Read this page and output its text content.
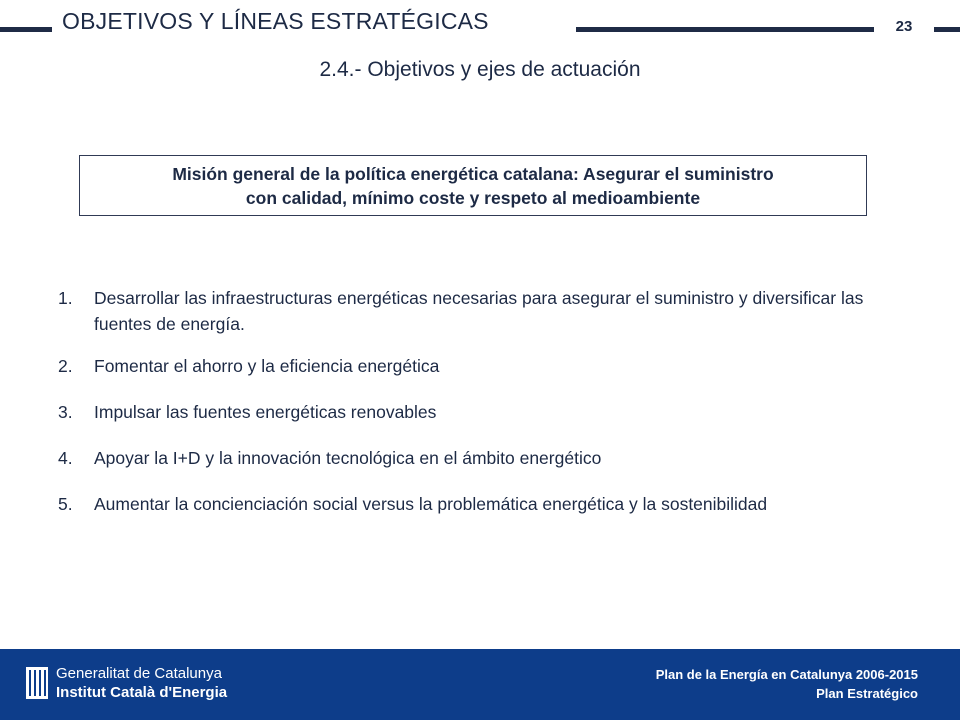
OBJETIVOS Y LÍNEAS ESTRATÉGICAS	23
2.4.- Objetivos y ejes de actuación
Misión general de la política energética catalana: Asegurar el suministro
con calidad, mínimo coste y respeto al medioambiente
1.	Desarrollar las infraestructuras energéticas necesarias para asegurar el suministro y diversificar las fuentes de energía.
2.	Fomentar el ahorro y la eficiencia energética
3.	Impulsar las fuentes energéticas renovables
4.	Apoyar la I+D y la innovación tecnológica en el ámbito energético
5.	Aumentar la concienciación social versus la problemática energética y la sostenibilidad
Generalitat de Catalunya
Institut Català d'Energia
Plan de la Energía en Catalunya 2006-2015
Plan Estratégico
